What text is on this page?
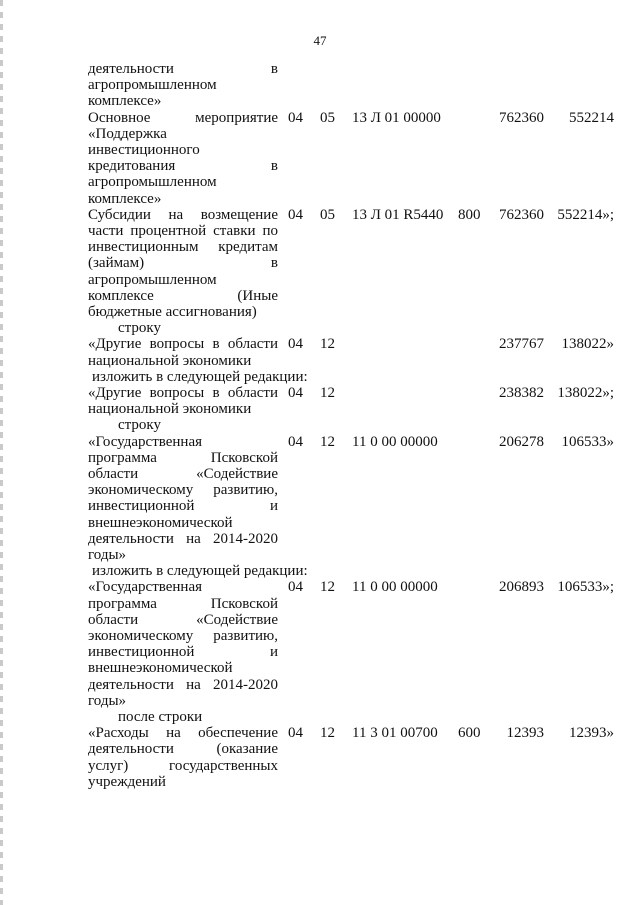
47
деятельности в
агропромышленном
комплексе»
Основное мероприятие
«Поддержка
инвестиционного
кредитования в
агропромышленном
комплексе»
04 05 13 Л 01 00000	762360 552214
Субсидии на возмещение
части процентной ставки по
инвестиционным кредитам
(займам) в
агропромышленном
комплексе (Иные
бюджетные ассигнования)
04 05 13 Л 01 R5440 800 762360 552214»;
строку
«Другие вопросы в области
национальной экономики
04 12	237767 138022»
изложить в следующей редакции:
«Другие вопросы в области
национальной экономики
04 12	238382 138022»;
строку
«Государственная
программа Псковской
области «Содействие
экономическому развитию,
инвестиционной и
внешнеэкономической
деятельности на 2014-2020
годы»
04 12 11 0 00 00000	206278 106533»
изложить в следующей редакции:
«Государственная
программа Псковской
области «Содействие
экономическому развитию,
инвестиционной и
внешнеэкономической
деятельности на 2014-2020
годы»
04 12 11 0 00 00000	206893 106533»;
после строки
«Расходы на обеспечение
деятельности (оказание
услуг) государственных
учреждений
04 12 11 3 01 00700 600 12393 12393»
